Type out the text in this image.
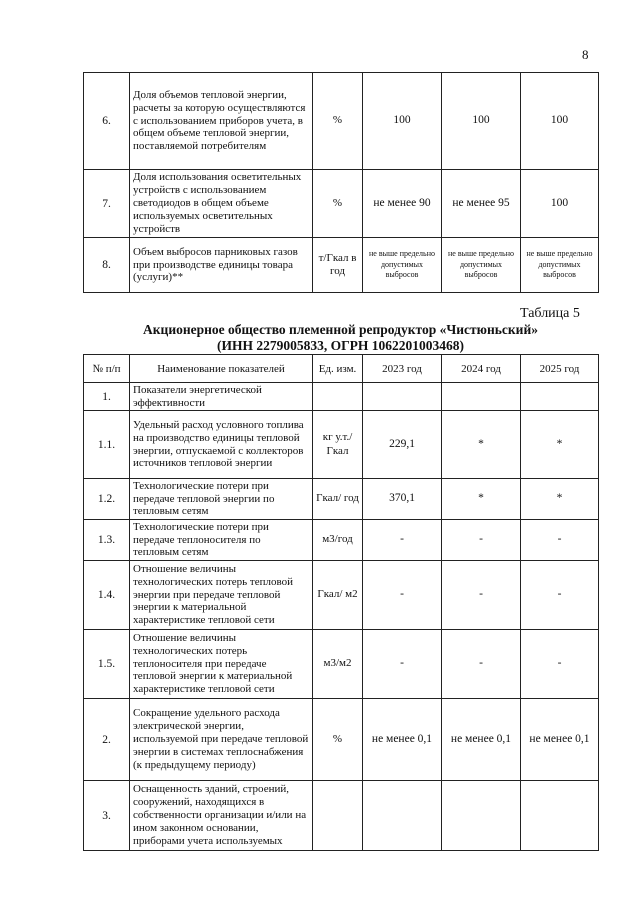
8
6.	Доля объемов тепловой энергии, расчеты за которую осуществляются с использованием приборов учета, в общем объеме тепловой энергии, поставляемой потребителям	%	100	100	100
7.	Доля использования осветительных устройств с использованием светодиодов в общем объеме используемых осветительных устройств	%	не менее 90	не менее 95	100
8.	Объем выбросов парниковых газов при производстве единицы товара (услуги)**	т/Гкал в год	не выше предельно допустимых выбросов	не выше предельно допустимых выбросов	не выше предельно допустимых выбросов
Таблица 5
Акционерное общество племенной репродуктор «Чистюньский»
(ИНН 2279005833, ОГРН 1062201003468)
№ п/п	Наименование показателей	Ед. изм.	2023 год	2024 год	2025 год
1.	Показатели энергетической эффективности				
1.1.	Удельный расход условного топлива на производство единицы тепловой энергии, отпускаемой с коллекторов источников тепловой энергии	кг у.т./ Гкал	229,1	*	*
1.2.	Технологические потери при передаче тепловой энергии по тепловым сетям	Гкал/ год	370,1	*	*
1.3.	Технологические потери при передаче теплоносителя по тепловым сетям	м3/год	-	-	-
1.4.	Отношение величины технологических потерь тепловой энергии при передаче тепловой энергии к материальной характеристике тепловой сети	Гкал/ м2	-	-	-
1.5.	Отношение величины технологических потерь теплоносителя при передаче тепловой энергии к материальной характеристике тепловой сети	м3/м2	-	-	-
2.	Сокращение удельного расхода электрической энергии, используемой при передаче тепловой энергии в системах теплоснабжения (к предыдущему периоду)	%	не менее 0,1	не менее 0,1	не менее 0,1
3.	Оснащенность зданий, строений, сооружений, находящихся в собственности организации и/или на ином законном основании, приборами учета используемых				
